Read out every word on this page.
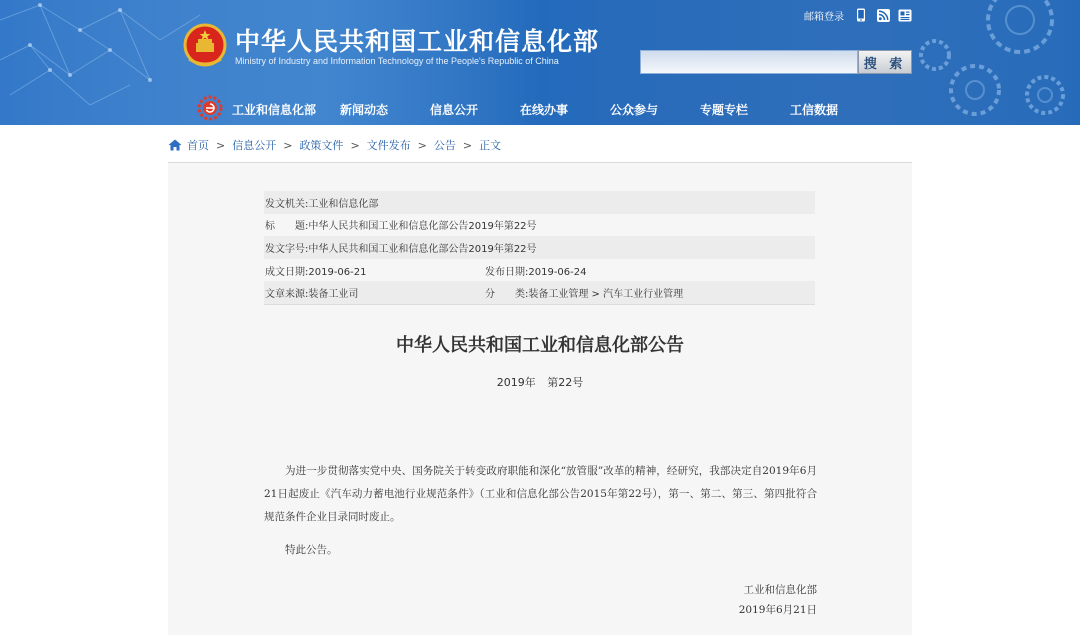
中华人民共和国工业和信息化部
Ministry of Industry and Information Technology of the People's Republic of China
邮箱登录
搜 索
工业和信息化部	新闻动态	信息公开	在线办事	公众参与	专题专栏	工信数据
首页 > 信息公开 > 政策文件 > 文件发布 > 公告 > 正文
发文机关:工业和信息化部
标　　题:中华人民共和国工业和信息化部公告2019年第22号
发文字号:中华人民共和国工业和信息化部公告2019年第22号
成文日期:2019-06-21	发布日期:2019-06-24
文章来源:装备工业司	分　　类:装备工业管理 > 汽车工业行业管理
中华人民共和国工业和信息化部公告
2019年 第22号

为进一步贯彻落实党中央、国务院关于转变政府职能和深化“放管服”改革的精神，经研究，我部决定自2019年6月21日起废止《汽车动力蓄电池行业规范条件》（工业和信息化部公告2015年第22号），第一、第二、第三、第四批符合规范条件企业目录同时废止。

特此公告。
工业和信息化部
2019年6月21日
